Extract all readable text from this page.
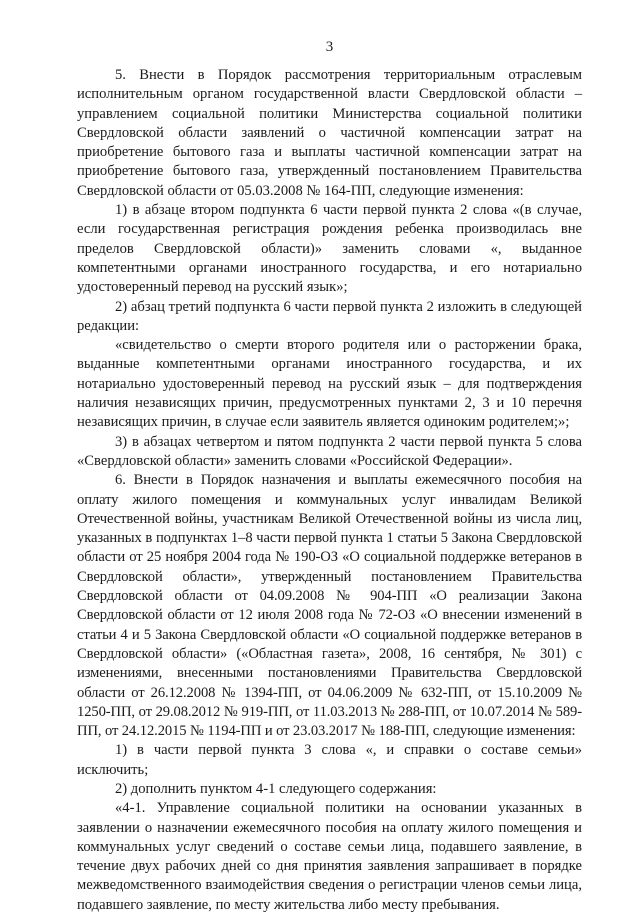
3

5. Внести в Порядок рассмотрения территориальным отраслевым исполнительным органом государственной власти Свердловской области – управлением социальной политики Министерства социальной политики Свердловской области заявлений о частичной компенсации затрат на приобретение бытового газа и выплаты частичной компенсации затрат на приобретение бытового газа, утвержденный постановлением Правительства Свердловской области от 05.03.2008 № 164-ПП, следующие изменения:

1) в абзаце втором подпункта 6 части первой пункта 2 слова «(в случае, если государственная регистрация рождения ребенка производилась вне пределов Свердловской области)» заменить словами «, выданное компетентными органами иностранного государства, и его нотариально удостоверенный перевод на русский язык»;

2) абзац третий подпункта 6 части первой пункта 2 изложить в следующей редакции:

«свидетельство о смерти второго родителя или о расторжении брака, выданные компетентными органами иностранного государства, и их нотариально удостоверенный перевод на русский язык – для подтверждения наличия независящих причин, предусмотренных пунктами 2, 3 и 10 перечня независящих причин, в случае если заявитель является одиноким родителем;»;

3) в абзацах четвертом и пятом подпункта 2 части первой пункта 5 слова «Свердловской области» заменить словами «Российской Федерации».

6. Внести в Порядок назначения и выплаты ежемесячного пособия на оплату жилого помещения и коммунальных услуг инвалидам Великой Отечественной войны, участникам Великой Отечественной войны из числа лиц, указанных в подпунктах 1–8 части первой пункта 1 статьи 5 Закона Свердловской области от 25 ноября 2004 года № 190-ОЗ «О социальной поддержке ветеранов в Свердловской области», утвержденный постановлением Правительства Свердловской области от 04.09.2008 № 904-ПП «О реализации Закона Свердловской области от 12 июля 2008 года № 72-ОЗ «О внесении изменений в статьи 4 и 5 Закона Свердловской области «О социальной поддержке ветеранов в Свердловской области» («Областная газета», 2008, 16 сентября, № 301) с изменениями, внесенными постановлениями Правительства Свердловской области от 26.12.2008 № 1394-ПП, от 04.06.2009 № 632-ПП, от 15.10.2009 № 1250-ПП, от 29.08.2012 № 919-ПП, от 11.03.2013 № 288-ПП, от 10.07.2014 № 589-ПП, от 24.12.2015 № 1194-ПП и от 23.03.2017 № 188-ПП, следующие изменения:

1) в части первой пункта 3 слова «, и справки о составе семьи» исключить;

2) дополнить пунктом 4-1 следующего содержания:

«4-1. Управление социальной политики на основании указанных в заявлении о назначении ежемесячного пособия на оплату жилого помещения и коммунальных услуг сведений о составе семьи лица, подавшего заявление, в течение двух рабочих дней со дня принятия заявления запрашивает в порядке межведомственного взаимодействия сведения о регистрации членов семьи лица, подавшего заявление, по месту жительства либо месту пребывания.
